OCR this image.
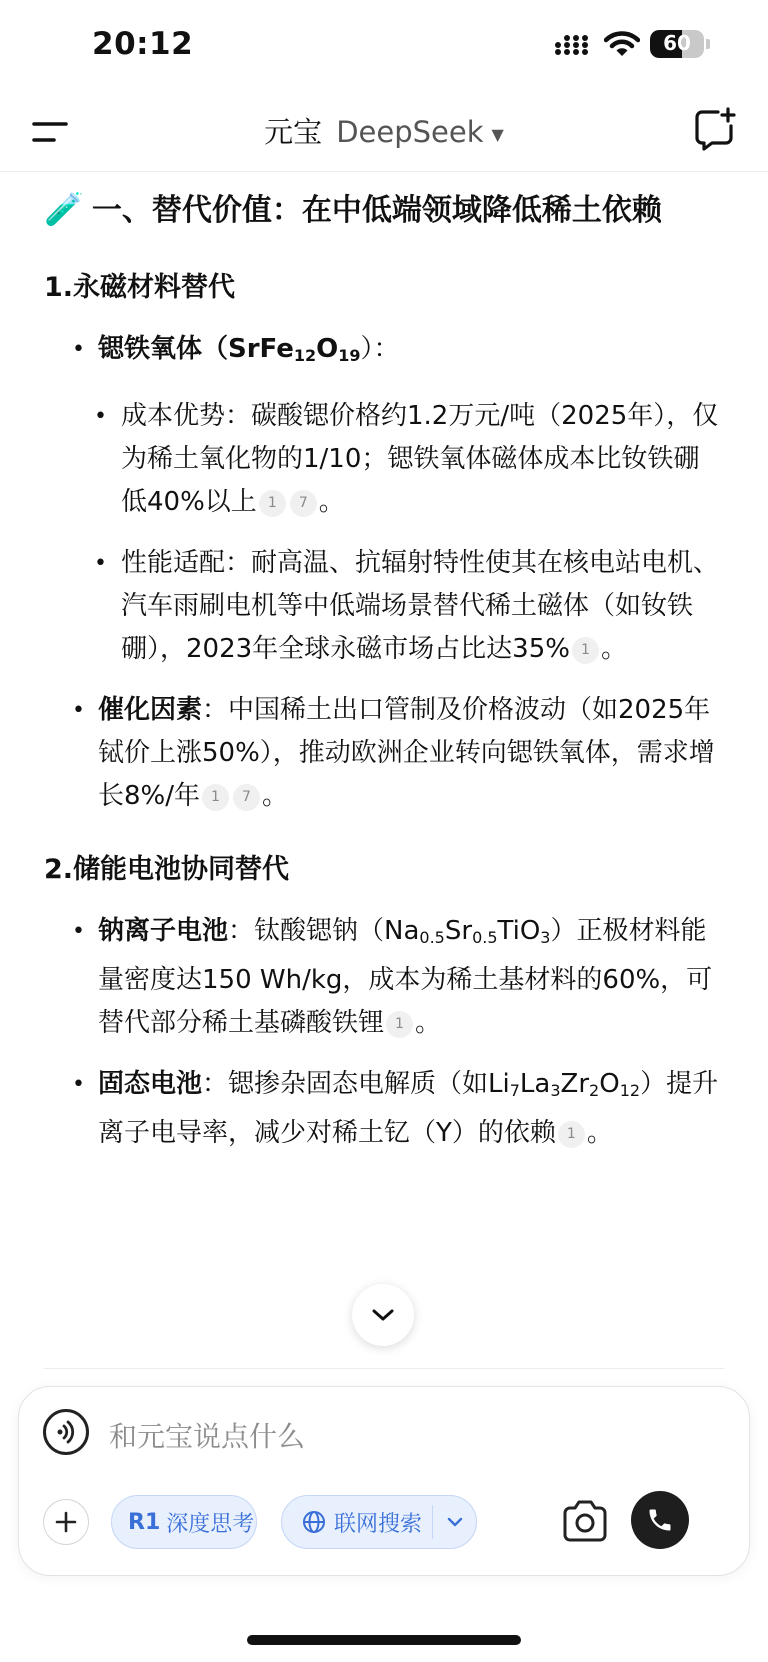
20:12	60
元宝 DeepSeek ▼
🧪 一、替代价值：在中低端领域降低稀土依赖
1.永磁材料替代
• 锶铁氧体$(SrFe_{12}O_{19})$：
• 成本优势：碳酸锶价格约1.2万元/吨（2025年），仅为稀土氧化物的1/10；锶铁氧体磁体成本比钕铁硼低40%以上 1 7 。
• 性能适配：耐高温、抗辐射特性使其在核电站电机、汽车雨刷电机等中低端场景替代稀土磁体（如钕铁硼），2023年全球永磁市场占比达35% 1 。
• 催化因素：中国稀土出口管制及价格波动（如2025年铽价上涨50%），推动欧洲企业转向锶铁氧体，需求增长8%/年 1 7 。
2.储能电池协同替代
• 钠离子电池：钛酸锶钠$(Na_{0.5}Sr_{0.5}TiO_3)$正极材料能量密度达150 Wh/kg，成本为稀土基材料的60%，可替代部分稀土基磷酸铁锂 1 。
• 固态电池：锶掺杂固态电解质（如$Li_7La_3Zr_2O_{12}$）提升离子电导率，减少对稀土钇（Y）的依赖 1 。
和元宝说点什么
R1 深度思考	联网搜索
